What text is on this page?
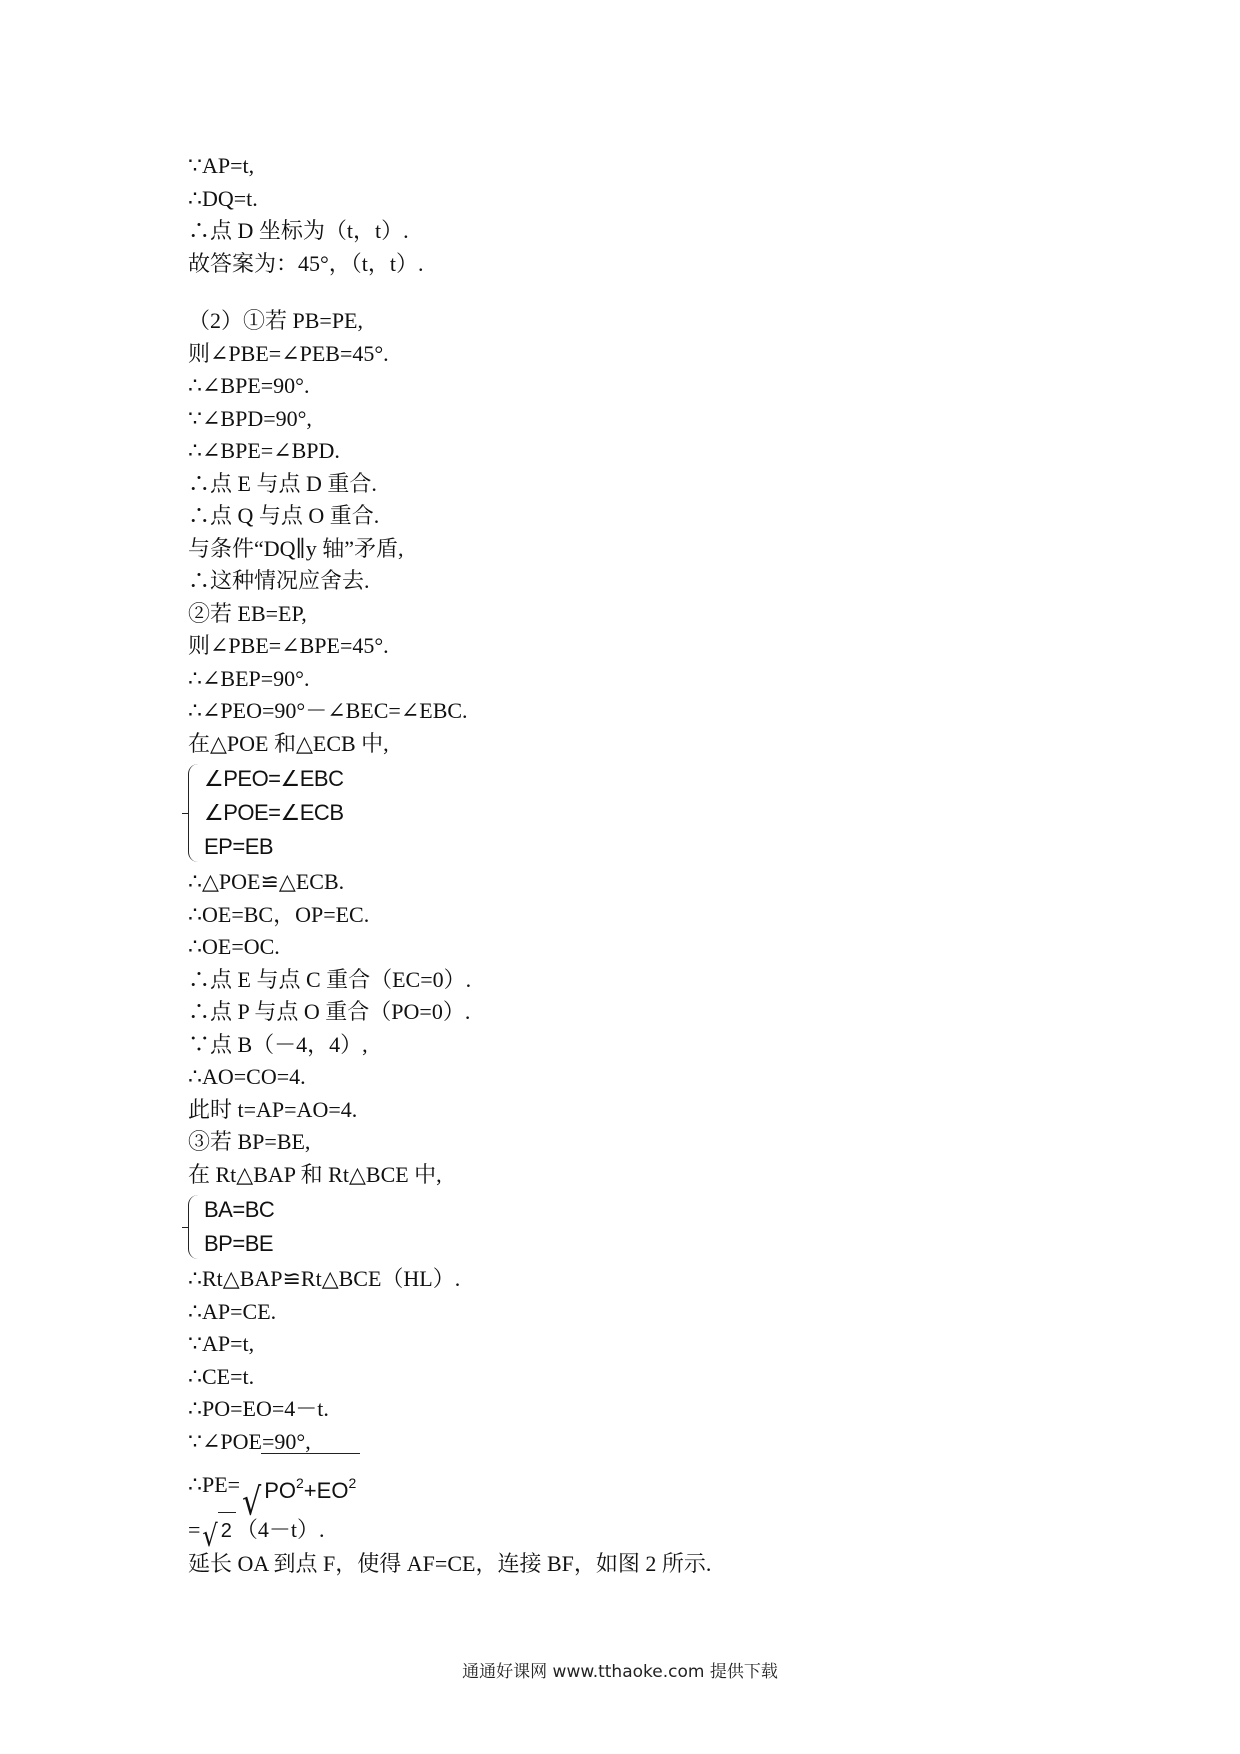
∵AP=t,
∴DQ=t.
∴点 D 坐标为（t，t）.
故答案为：45°，（t，t）.
（2）①若 PB=PE,
则∠PBE=∠PEB=45°.
∴∠BPE=90°.
∵∠BPD=90°,
∴∠BPE=∠BPD.
∴点 E 与点 D 重合.
∴点 Q 与点 O 重合.
与条件“DQ∥y 轴”矛盾,
∴这种情况应舍去.
②若 EB=EP,
则∠PBE=∠BPE=45°.
∴∠BEP=90°.
∴∠PEO=90°－∠BEC=∠EBC.
在△POE 和△ECB 中,
∠PEO=∠EBC
∠POE=∠ECB
EP=EB
∴△POE≌△ECB.
∴OE=BC，OP=EC.
∴OE=OC.
∴点 E 与点 C 重合（EC=0）.
∴点 P 与点 O 重合（PO=0）.
∵点 B（－4，4）,
∴AO=CO=4.
此时 t=AP=AO=4.
③若 BP=BE,
在 Rt△BAP 和 Rt△BCE 中,
BA=BC
BP=BE
∴Rt△BAP≌Rt△BCE（HL）.
∴AP=CE.
∵AP=t,
∴CE=t.
∴PO=EO=4－t.
∵∠POE=90°,
∴PE= √ $PO^2+EO^2$
= √ 2 （4－t）.
延长 OA 到点 F，使得 AF=CE，连接 BF，如图 2 所示.
通通好课网 www.tthaoke.com 提供下载
